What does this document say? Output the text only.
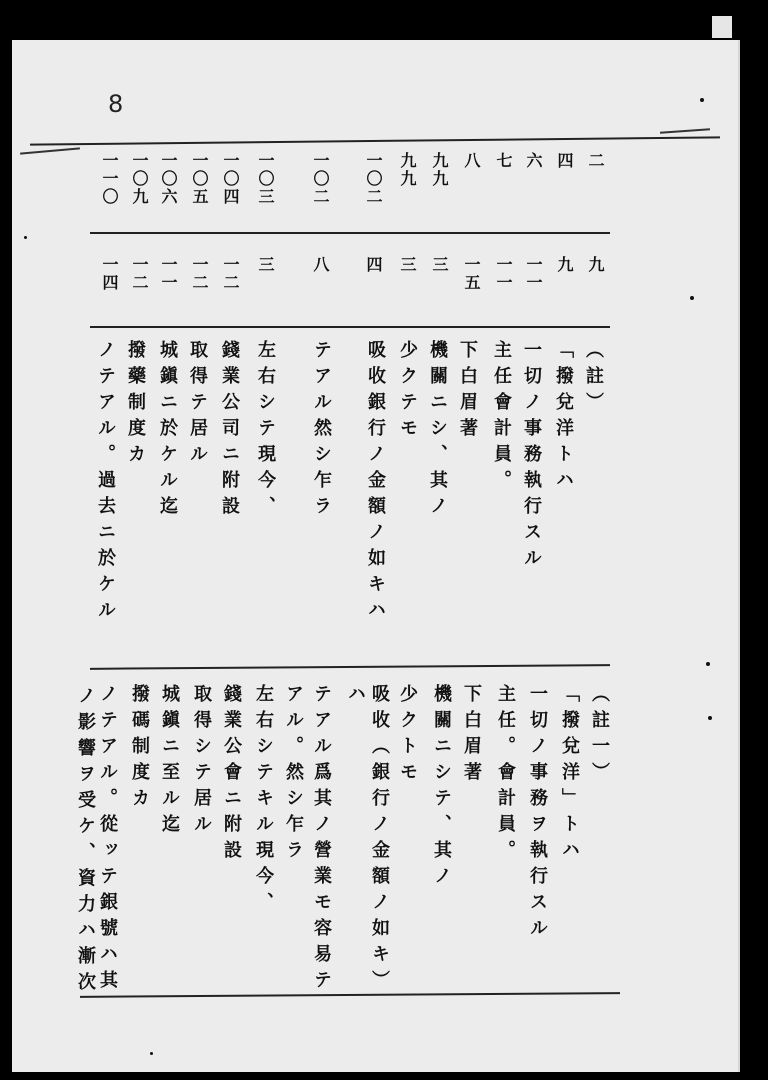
8
一一〇 一〇九 一〇六 一〇五 一〇四 一〇三 一〇二 一〇二 九九 九九 八 七 六 四 二
一四 一二 一一 一二 一二 三 八 四 三 三 一五 一一 一一 九 九
（註）
「撥兌洋トハ
一切ノ事務執行スル
主任會計員。
下白眉著
機關ニシ、其ノ
少クテモ
吸收銀行ノ金額ノ如キハ
テアル然シ乍ラ
左右シテ現今、
錢業公司ニ附設
取得テ居ル
城鎭ニ於ケル迄
撥藥制度カ
ノテアル。過去ニ於ケル
（註一）
「撥兌洋」トハ
一切ノ事務ヲ執行スル
主任。會計員。
下白眉著
機關ニシテ、其ノ
少クトモ
吸收（銀行ノ金額ノ如キ）
ハ
テアル爲其ノ營業モ容易テ
アル。然シ乍ラ
左右シテキル現今、
錢業公會ニ附設
取得シテ居ル
城鎭ニ至ル迄
撥碼制度カ
ノテアル。從ッテ銀號ハ其
ノ影響ヲ受ケ、資力ハ漸次
